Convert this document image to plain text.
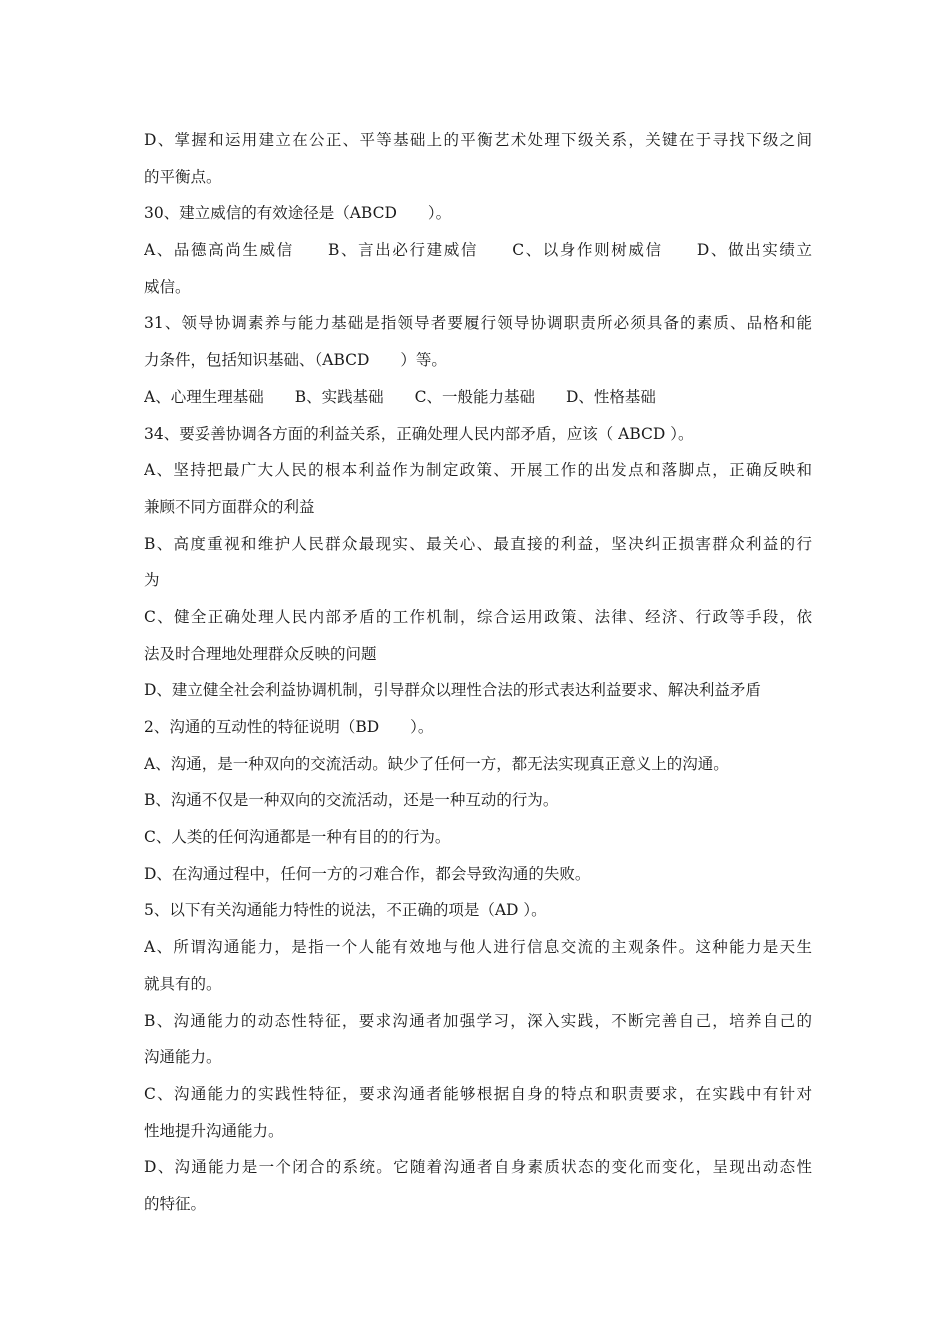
D、掌握和运用建立在公正、平等基础上的平衡艺术处理下级关系，关键在于寻找下级之间
的平衡点。
30、建立威信的有效途径是（ABCD　　）。
A、品德高尚生威信　　B、言出必行建威信　　C、以身作则树威信　　D、做出实绩立
威信。
31、领导协调素养与能力基础是指领导者要履行领导协调职责所必须具备的素质、品格和能
力条件，包括知识基础、（ABCD　　）等。
A、心理生理基础　　B、实践基础　　C、一般能力基础　　D、性格基础
34、要妥善协调各方面的利益关系，正确处理人民内部矛盾，应该（ ABCD ）。
A、坚持把最广大人民的根本利益作为制定政策、开展工作的出发点和落脚点，正确反映和
兼顾不同方面群众的利益
B、高度重视和维护人民群众最现实、最关心、最直接的利益，坚决纠正损害群众利益的行
为
C、健全正确处理人民内部矛盾的工作机制，综合运用政策、法律、经济、行政等手段，依
法及时合理地处理群众反映的问题
D、建立健全社会利益协调机制，引导群众以理性合法的形式表达利益要求、解决利益矛盾
2、沟通的互动性的特征说明（BD　　）。
A、沟通，是一种双向的交流活动。缺少了任何一方，都无法实现真正意义上的沟通。
B、沟通不仅是一种双向的交流活动，还是一种互动的行为。
C、人类的任何沟通都是一种有目的的行为。
D、在沟通过程中，任何一方的刁难合作，都会导致沟通的失败。
5、以下有关沟通能力特性的说法，不正确的项是（AD ）。
A、所谓沟通能力，是指一个人能有效地与他人进行信息交流的主观条件。这种能力是天生
就具有的。
B、沟通能力的动态性特征，要求沟通者加强学习，深入实践，不断完善自己，培养自己的
沟通能力。
C、沟通能力的实践性特征，要求沟通者能够根据自身的特点和职责要求，在实践中有针对
性地提升沟通能力。
D、沟通能力是一个闭合的系统。它随着沟通者自身素质状态的变化而变化，呈现出动态性
的特征。
